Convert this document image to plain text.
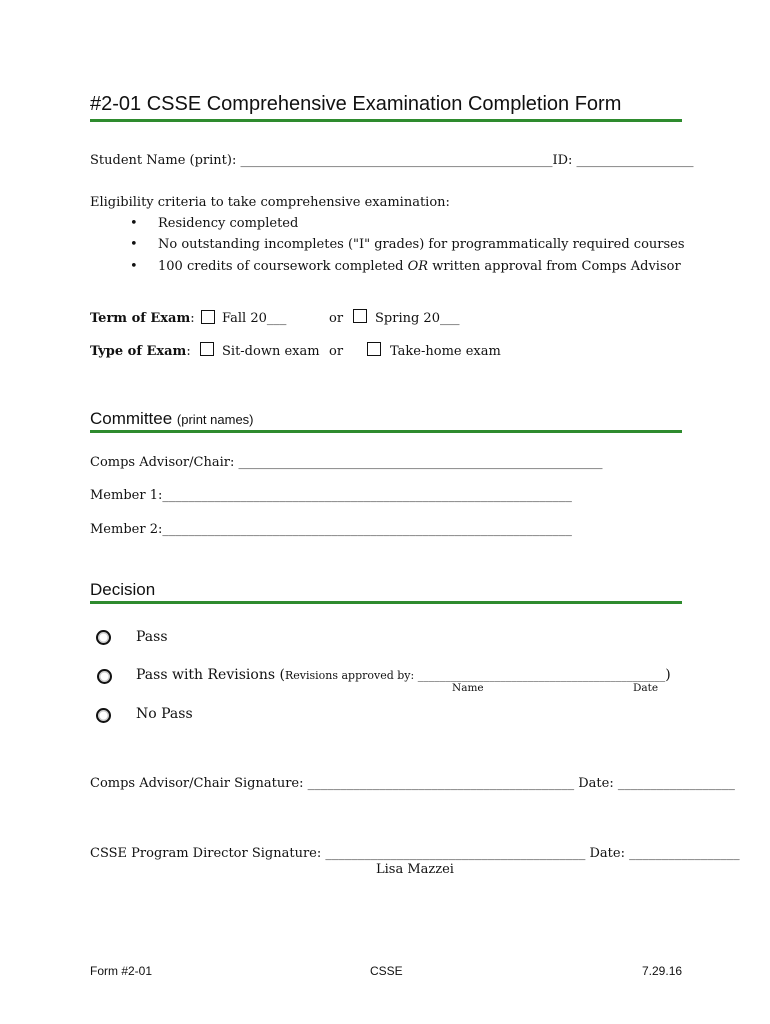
#2-01 CSSE Comprehensive Examination Completion Form
Student Name (print): ________________________________________________ID: __________________
Eligibility criteria to take comprehensive examination:
• Residency completed
• No outstanding incompletes ("I" grades) for programmatically required courses
• 100 credits of coursework completed OR written approval from Comps Advisor
Term of Exam: Fall 20___	or Spring 20___
Type of Exam: Sit-down exam or	Take-home exam
Committee (print names)
Comps Advisor/Chair: ________________________________________________________
Member 1:_______________________________________________________________
Member 2:_______________________________________________________________
Decision
Pass
Pass with Revisions (Revisions approved by: _____________________________________________)
Name	Date
No Pass
Comps Advisor/Chair Signature: _________________________________________ Date: __________________
CSSE Program Director Signature: ________________________________________ Date: _________________
Lisa Mazzei
Form #2-01	CSSE	7.29.16
